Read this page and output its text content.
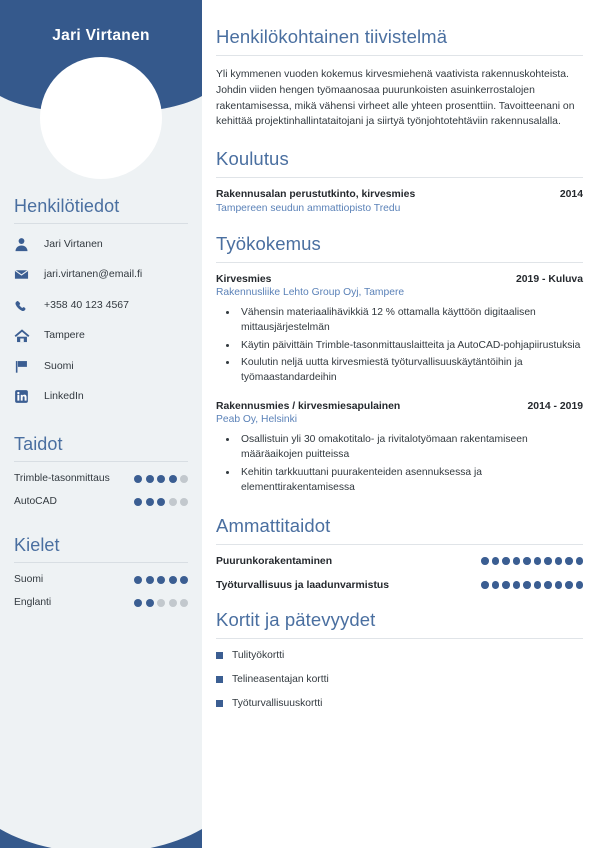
Jari Virtanen
Henkilötiedot
Jari Virtanen
jari.virtanen@email.fi
+358 40 123 4567
Tampere
Suomi
LinkedIn
Taidot
Trimble-tasonmittaus
AutoCAD
Kielet
Suomi
Englanti
Henkilökohtainen tiivistelmä

Yli kymmenen vuoden kokemus kirvesmiehenä vaativista rakennuskohteista. Johdin viiden hengen työmaanosaa puurunkoisten asuinkerrostalojen rakentamisessa, mikä vähensi virheet alle yhteen prosenttiin. Tavoitteenani on kehittää projektinhallintataitojani ja siirtyä työnjohtotehtäviin rakennusalalla.

Koulutus
Rakennusalan perustutkinto, kirvesmies	2014
Tampereen seudun ammattiopisto Tredu
Työkokemus
Kirvesmies	2019 - Kuluva
Rakennusliike Lehto Group Oyj, Tampere
• Vähensin materiaalihävikkiä 12 % ottamalla käyttöön digitaalisen mittausjärjestelmän
• Käytin päivittäin Trimble-tasonmittauslaitteita ja AutoCAD-pohjapiirustuksia
• Koulutin neljä uutta kirvesmiestä työturvallisuuskäytäntöihin ja työmaastandardeihin
Rakennusmies / kirvesmiesapulainen	2014 - 2019
Peab Oy, Helsinki
• Osallistuin yli 30 omakotitalo- ja rivitalotyömaan rakentamiseen määräaikojen puitteissa
• Kehitin tarkkuuttani puurakenteiden asennuksessa ja elementtirakentamisessa
Ammattitaidot
Puurunkorakentaminen
Työturvallisuus ja laadunvarmistus
Kortit ja pätevyydet
Tulityökortti
Telineasentajan kortti
Työturvallisuuskortti
